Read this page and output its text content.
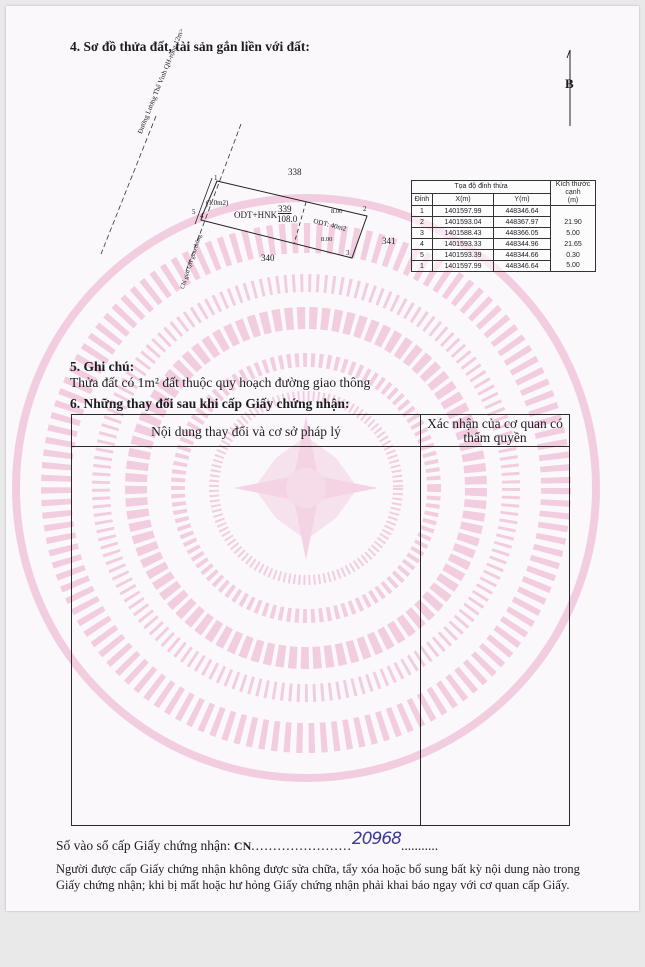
4. Sơ đồ thửa đất, tài sản gắn liền với đất:
B
Đường Lương Thế Vinh QH-rộng 12m>
Chỉ giới QH giao thông
338
340
341
(1.0m2)
ODT+HNK
339
108.0 ODT: 40m2
8.00
8.00
1
2
3
4
5
Tọa độ đỉnh thửa			Kích thước cạnh
(m)
Đỉnh	X(m)	Y(m)	
1	1401597.99	448346.64	
2	1401593.04	448367.97	21.90
3	1401588.43	448366.05	5.00
4	1401593.33	448344.96	21.65
5	1401593.39	448344.66	0.30
1	1401597.99	448346.64	5.00
5. Ghi chú:
Thửa đất có 1m² đất thuộc quy hoạch đường giao thông
6. Những thay đổi sau khi cấp Giấy chứng nhận:
Nội dung thay đổi và cơ sở pháp lý
Xác nhận của cơ quan có thẩm quyền
Số vào sổ cấp Giấy chứng nhận: CN.......................20968...........
Người được cấp Giấy chứng nhận không được sửa chữa, tẩy xóa hoặc bổ sung bất kỳ nội dung nào trong
Giấy chứng nhận; khi bị mất hoặc hư hỏng Giấy chứng nhận phải khai báo ngay với cơ quan cấp Giấy.
